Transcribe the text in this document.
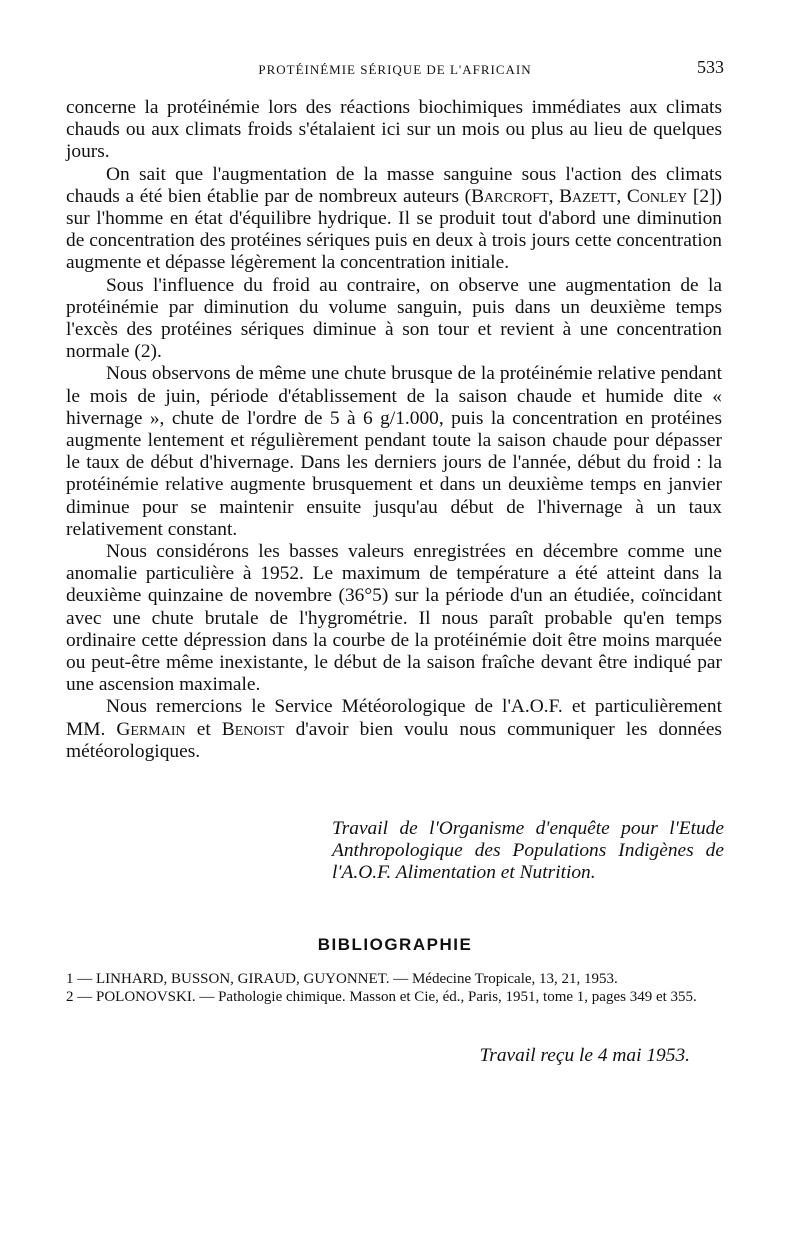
PROTÉINÉMIE SÉRIQUE DE L'AFRICAIN	533

concerne la protéinémie lors des réactions biochimiques immédiates aux climats chauds ou aux climats froids s'étalaient ici sur un mois ou plus au lieu de quelques jours.

On sait que l'augmentation de la masse sanguine sous l'action des climats chauds a été bien établie par de nombreux auteurs (Barcroft, Bazett, Conley [2]) sur l'homme en état d'équilibre hydrique. Il se produit tout d'abord une diminution de concentration des protéines sériques puis en deux à trois jours cette concentration augmente et dépasse légèrement la concentration initiale.

Sous l'influence du froid au contraire, on observe une augmentation de la protéinémie par diminution du volume sanguin, puis dans un deuxième temps l'excès des protéines sériques diminue à son tour et revient à une concentration normale (2).

Nous observons de même une chute brusque de la protéinémie relative pendant le mois de juin, période d'établissement de la saison chaude et humide dite « hivernage », chute de l'ordre de 5 à 6 g/1.000, puis la concentration en protéines augmente lentement et régulièrement pendant toute la saison chaude pour dépasser le taux de début d'hivernage. Dans les derniers jours de l'année, début du froid : la protéinémie relative augmente brusquement et dans un deuxième temps en janvier diminue pour se maintenir ensuite jusqu'au début de l'hivernage à un taux relativement constant.

Nous considérons les basses valeurs enregistrées en décembre comme une anomalie particulière à 1952. Le maximum de température a été atteint dans la deuxième quinzaine de novembre (36°5) sur la période d'un an étudiée, coïncidant avec une chute brutale de l'hygrométrie. Il nous paraît probable qu'en temps ordinaire cette dépression dans la courbe de la protéinémie doit être moins marquée ou peut-être même inexistante, le début de la saison fraîche devant être indiqué par une ascension maximale.

Nous remercions le Service Météorologique de l'A.O.F. et particulièrement MM. Germain et Benoist d'avoir bien voulu nous communiquer les données météorologiques.

Travail de l'Organisme d'enquête pour l'Etude Anthropologique des Populations Indigènes de l'A.O.F. Alimentation et Nutrition.
BIBLIOGRAPHIE
1 — LINHARD, BUSSON, GIRAUD, GUYONNET. — Médecine Tropicale, 13, 21, 1953.
2 — POLONOVSKI. — Pathologie chimique. Masson et Cie, éd., Paris, 1951, tome 1, pages 349 et 355.
Travail reçu le 4 mai 1953.
